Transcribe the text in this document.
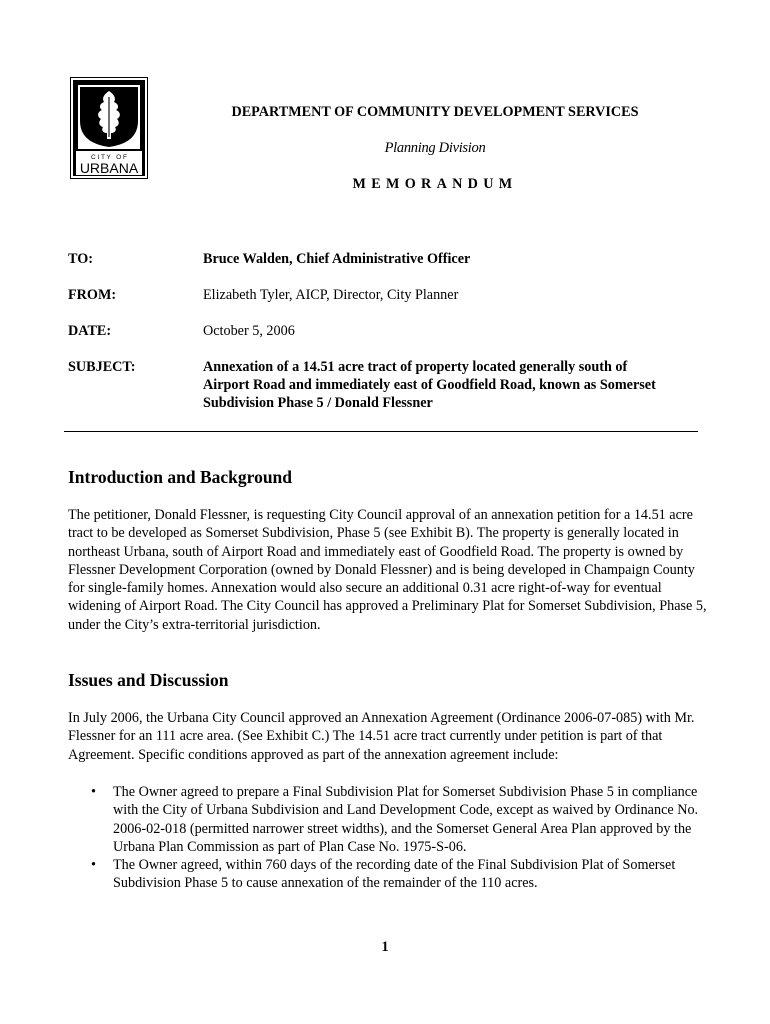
C I T Y   O F
URBANA
DEPARTMENT OF COMMUNITY DEVELOPMENT SERVICES
Planning Division
MEMORANDUM
TO:	Bruce Walden, Chief Administrative Officer
FROM:	Elizabeth Tyler, AICP, Director, City Planner
DATE:	October 5, 2006
SUBJECT:	Annexation of a 14.51 acre tract of property located generally south of
Airport Road and immediately east of Goodfield Road, known as Somerset
Subdivision Phase 5 / Donald Flessner
Introduction and Background

The petitioner, Donald Flessner, is requesting City Council approval of an annexation petition for a 14.51 acre tract to be developed as Somerset Subdivision, Phase 5 (see Exhibit B). The property is generally located in northeast Urbana, south of Airport Road and immediately east of Goodfield Road. The property is owned by Flessner Development Corporation (owned by Donald Flessner) and is being developed in Champaign County for single-family homes. Annexation would also secure an additional 0.31 acre right-of-way for eventual widening of Airport Road. The City Council has approved a Preliminary Plat for Somerset Subdivision, Phase 5, under the City’s extra-territorial jurisdiction.

Issues and Discussion

In July 2006, the Urbana City Council approved an Annexation Agreement (Ordinance 2006-07-085) with Mr. Flessner for an 111 acre area. (See Exhibit C.) The 14.51 acre tract currently under petition is part of that Agreement. Specific conditions approved as part of the annexation agreement include:

• The Owner agreed to prepare a Final Subdivision Plat for Somerset Subdivision Phase 5 in compliance with the City of Urbana Subdivision and Land Development Code, except as waived by Ordinance No. 2006-02-018 (permitted narrower street widths), and the Somerset General Area Plan approved by the Urbana Plan Commission as part of Plan Case No. 1975-S-06.
• The Owner agreed, within 760 days of the recording date of the Final Subdivision Plat of Somerset Subdivision Phase 5 to cause annexation of the remainder of the 110 acres.
1
